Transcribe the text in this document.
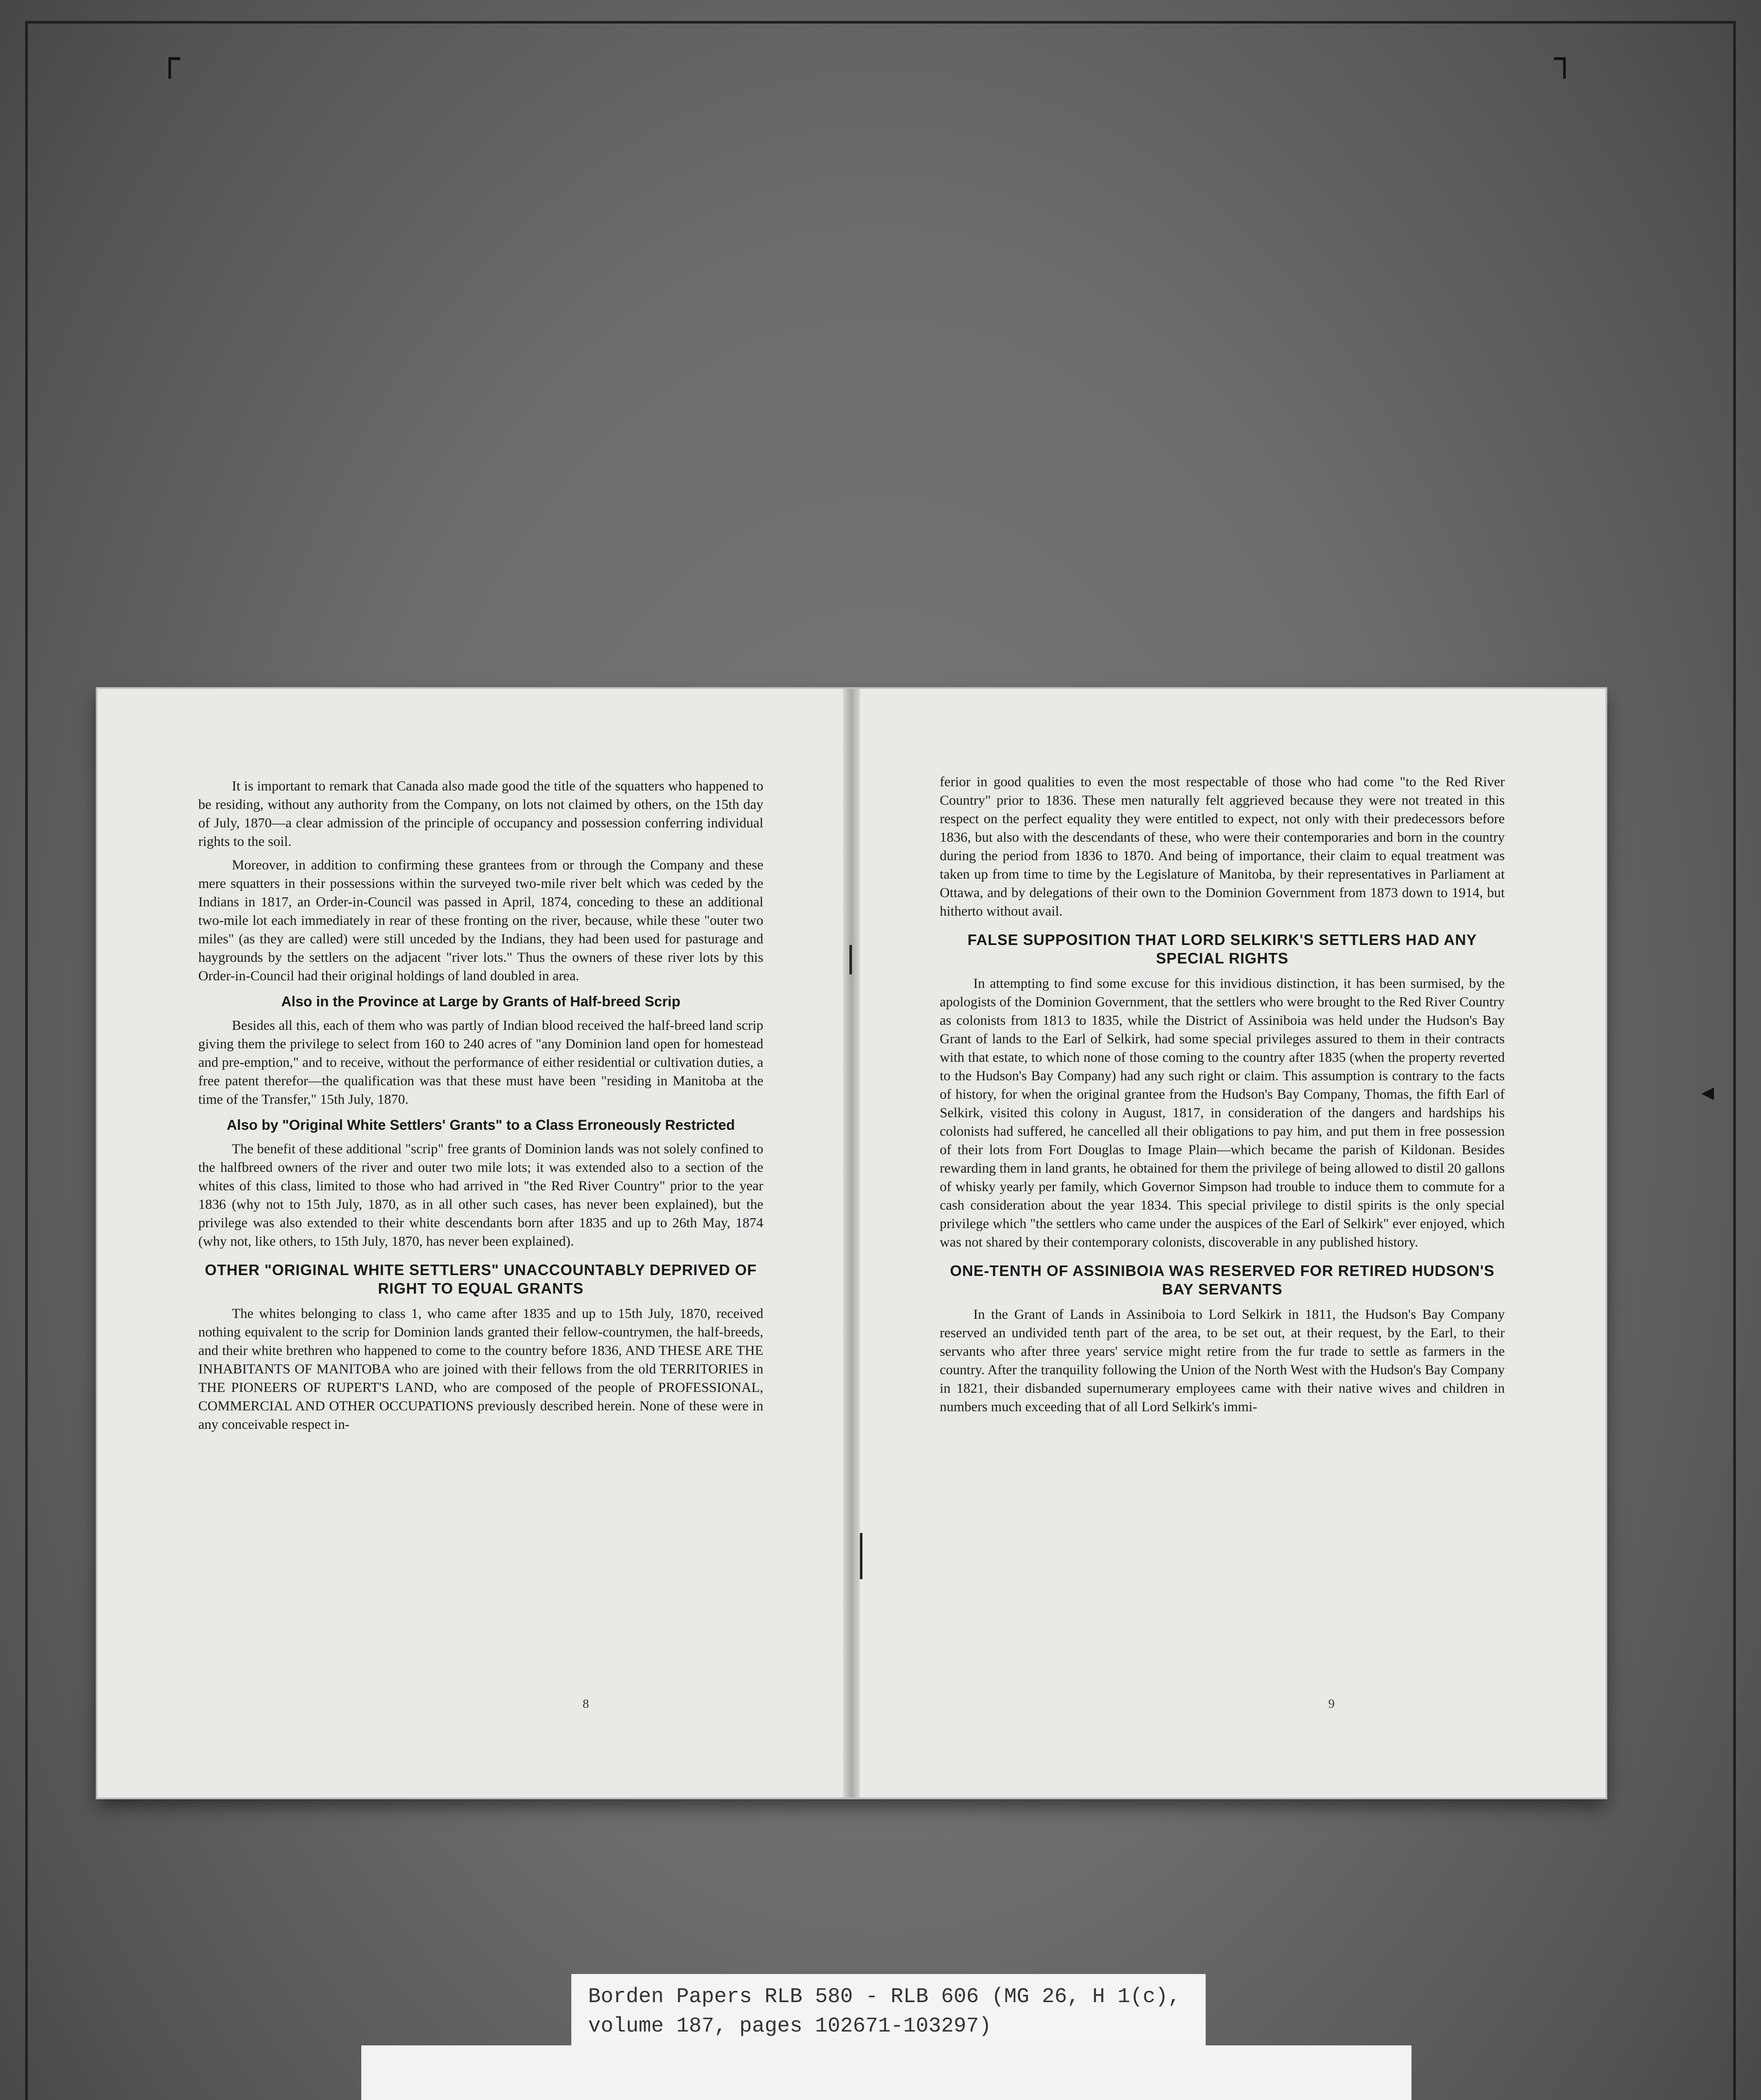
┌	┐
◂

It is important to remark that Canada also made good the title of the squatters who happened to be residing, without any authority from the Company, on lots not claimed by others, on the 15th day of July, 1870—a clear admission of the principle of occupancy and possession conferring individual rights to the soil.

Moreover, in addition to confirming these grantees from or through the Company and these mere squatters in their possessions within the surveyed two-mile river belt which was ceded by the Indians in 1817, an Order-in-Council was passed in April, 1874, conceding to these an additional two-mile lot each immediately in rear of these fronting on the river, because, while these "outer two miles" (as they are called) were still unceded by the Indians, they had been used for pasturage and haygrounds by the settlers on the adjacent "river lots." Thus the owners of these river lots by this Order-in-Council had their original holdings of land doubled in area.

Also in the Province at Large by Grants of Half-breed Scrip

Besides all this, each of them who was partly of Indian blood received the half-breed land scrip giving them the privilege to select from 160 to 240 acres of "any Dominion land open for homestead and pre-emption," and to receive, without the performance of either residential or cultivation duties, a free patent therefor—the qualification was that these must have been "residing in Manitoba at the time of the Transfer," 15th July, 1870.

Also by "Original White Settlers' Grants" to a Class Erroneously Restricted

The benefit of these additional "scrip" free grants of Dominion lands was not solely confined to the halfbreed owners of the river and outer two mile lots; it was extended also to a section of the whites of this class, limited to those who had arrived in "the Red River Country" prior to the year 1836 (why not to 15th July, 1870, as in all other such cases, has never been explained), but the privilege was also extended to their white descendants born after 1835 and up to 26th May, 1874 (why not, like others, to 15th July, 1870, has never been explained).

OTHER "ORIGINAL WHITE SETTLERS" UNACCOUNTABLY DEPRIVED OF RIGHT TO EQUAL GRANTS

The whites belonging to class 1, who came after 1835 and up to 15th July, 1870, received nothing equivalent to the scrip for Dominion lands granted their fellow-countrymen, the half-breeds, and their white brethren who happened to come to the country before 1836, AND THESE ARE THE INHABITANTS OF MANITOBA who are joined with their fellows from the old TERRITORIES in THE PIONEERS OF RUPERT'S LAND, who are composed of the people of PROFESSIONAL, COMMERCIAL AND OTHER OCCUPATIONS previously described herein. None of these were in any conceivable respect in-

8

ferior in good qualities to even the most respectable of those who had come "to the Red River Country" prior to 1836. These men naturally felt aggrieved because they were not treated in this respect on the perfect equality they were entitled to expect, not only with their predecessors before 1836, but also with the descendants of these, who were their contemporaries and born in the country during the period from 1836 to 1870. And being of importance, their claim to equal treatment was taken up from time to time by the Legislature of Manitoba, by their representatives in Parliament at Ottawa, and by delegations of their own to the Dominion Government from 1873 down to 1914, but hitherto without avail.

FALSE SUPPOSITION THAT LORD SELKIRK'S SETTLERS HAD ANY SPECIAL RIGHTS

In attempting to find some excuse for this invidious distinction, it has been surmised, by the apologists of the Dominion Government, that the settlers who were brought to the Red River Country as colonists from 1813 to 1835, while the District of Assiniboia was held under the Hudson's Bay Grant of lands to the Earl of Selkirk, had some special privileges assured to them in their contracts with that estate, to which none of those coming to the country after 1835 (when the property reverted to the Hudson's Bay Company) had any such right or claim. This assumption is contrary to the facts of history, for when the original grantee from the Hudson's Bay Company, Thomas, the fifth Earl of Selkirk, visited this colony in August, 1817, in consideration of the dangers and hardships his colonists had suffered, he cancelled all their obligations to pay him, and put them in free possession of their lots from Fort Douglas to Image Plain—which became the parish of Kildonan. Besides rewarding them in land grants, he obtained for them the privilege of being allowed to distil 20 gallons of whisky yearly per family, which Governor Simpson had trouble to induce them to commute for a cash consideration about the year 1834. This special privilege to distil spirits is the only special privilege which "the settlers who came under the auspices of the Earl of Selkirk" ever enjoyed, which was not shared by their contemporary colonists, discoverable in any published history.

ONE-TENTH OF ASSINIBOIA WAS RESERVED FOR RETIRED HUDSON'S BAY SERVANTS

In the Grant of Lands in Assiniboia to Lord Selkirk in 1811, the Hudson's Bay Company reserved an undivided tenth part of the area, to be set out, at their request, by the Earl, to their servants who after three years' service might retire from the fur trade to settle as farmers in the country. After the tranquility following the Union of the North West with the Hudson's Bay Company in 1821, their disbanded supernumerary employees came with their native wives and children in numbers much exceeding that of all Lord Selkirk's immi-

9
Borden Papers RLB 580 - RLB 606 (MG 26, H 1(c),
volume 187, pages 102671-103297)
